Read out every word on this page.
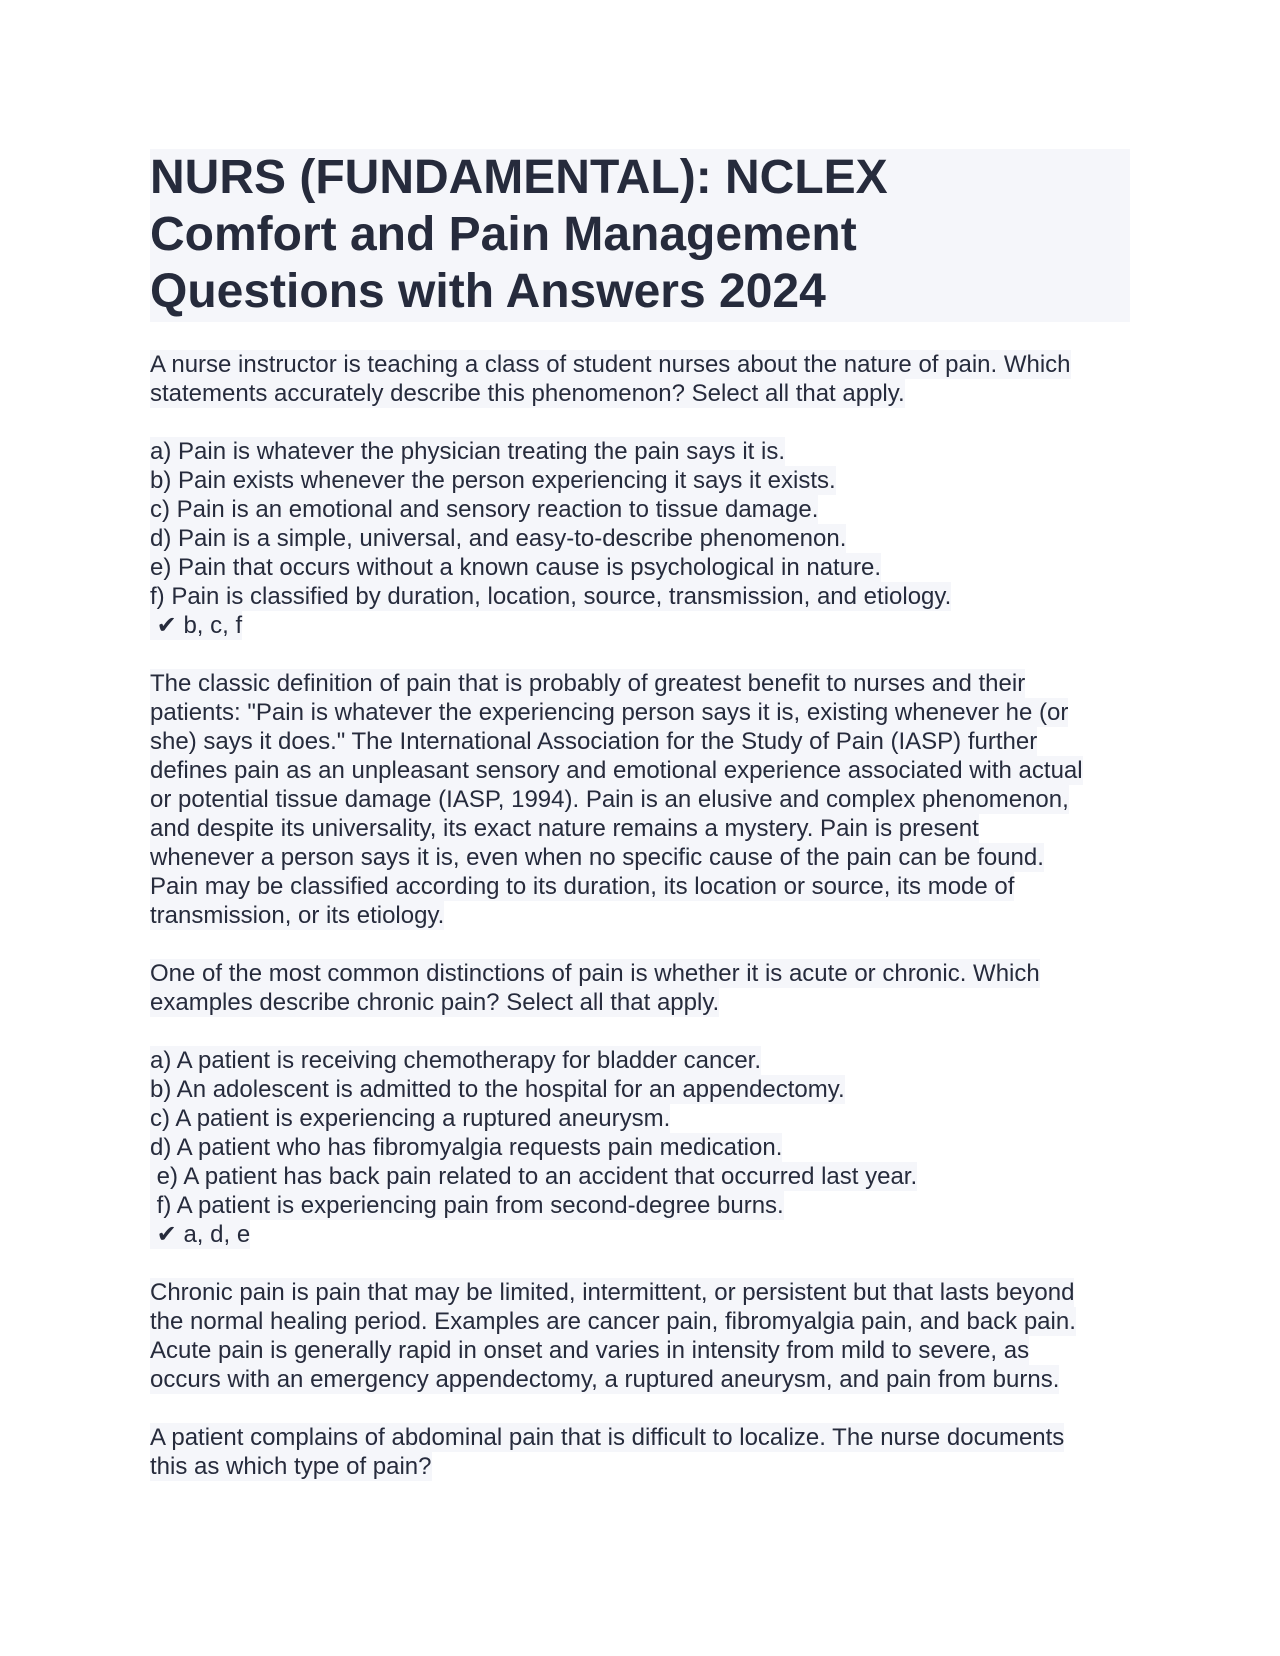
NURS (FUNDAMENTAL): NCLEX
Comfort and Pain Management
Questions with Answers 2024
A nurse instructor is teaching a class of student nurses about the nature of pain. Which
statements accurately describe this phenomenon? Select all that apply.
a) Pain is whatever the physician treating the pain says it is.
b) Pain exists whenever the person experiencing it says it exists.
c) Pain is an emotional and sensory reaction to tissue damage.
d) Pain is a simple, universal, and easy-to-describe phenomenon.
e) Pain that occurs without a known cause is psychological in nature.
f) Pain is classified by duration, location, source, transmission, and etiology.
✔ b, c, f
The classic definition of pain that is probably of greatest benefit to nurses and their
patients: "Pain is whatever the experiencing person says it is, existing whenever he (or
she) says it does." The International Association for the Study of Pain (IASP) further
defines pain as an unpleasant sensory and emotional experience associated with actual
or potential tissue damage (IASP, 1994). Pain is an elusive and complex phenomenon,
and despite its universality, its exact nature remains a mystery. Pain is present
whenever a person says it is, even when no specific cause of the pain can be found.
Pain may be classified according to its duration, its location or source, its mode of
transmission, or its etiology.
One of the most common distinctions of pain is whether it is acute or chronic. Which
examples describe chronic pain? Select all that apply.
a) A patient is receiving chemotherapy for bladder cancer.
b) An adolescent is admitted to the hospital for an appendectomy.
c) A patient is experiencing a ruptured aneurysm.
d) A patient who has fibromyalgia requests pain medication.
e) A patient has back pain related to an accident that occurred last year.
f) A patient is experiencing pain from second-degree burns.
✔ a, d, e
Chronic pain is pain that may be limited, intermittent, or persistent but that lasts beyond
the normal healing period. Examples are cancer pain, fibromyalgia pain, and back pain.
Acute pain is generally rapid in onset and varies in intensity from mild to severe, as
occurs with an emergency appendectomy, a ruptured aneurysm, and pain from burns.
A patient complains of abdominal pain that is difficult to localize. The nurse documents
this as which type of pain?
